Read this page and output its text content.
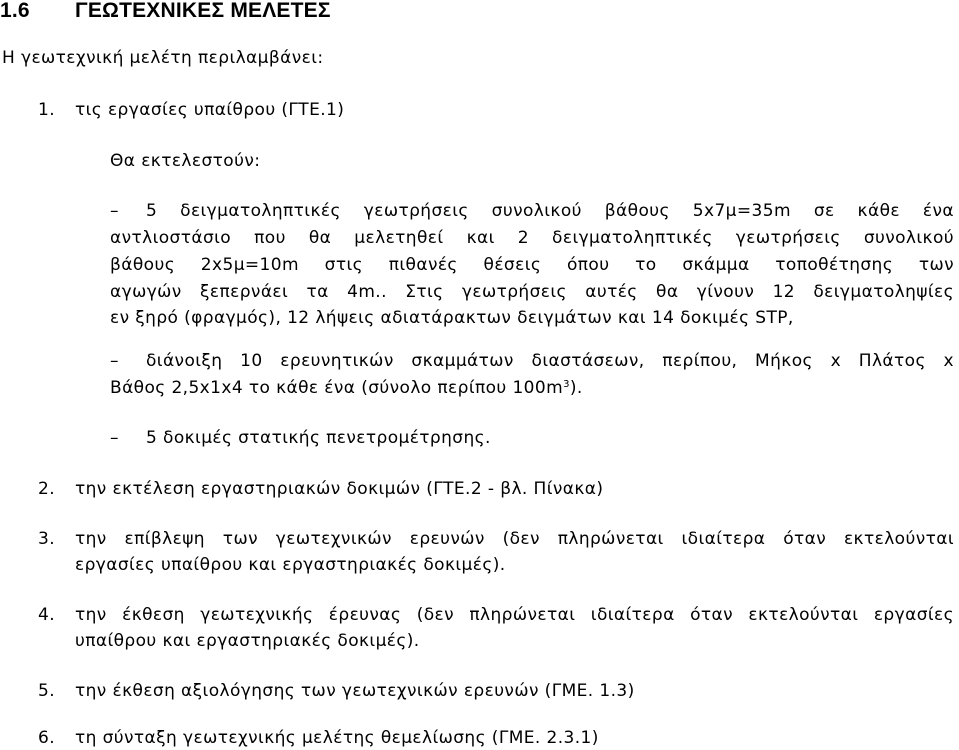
1.6 ΓΕΩΤΕΧΝΙΚΕΣ ΜΕΛΕΤΕΣ
Η γεωτεχνική μελέτη περιλαμβάνει:
1. τις εργασίες υπαίθρου (ΓΤΕ.1)
Θα εκτελεστούν:
– 5 δειγματοληπτικές γεωτρήσεις συνολικού βάθους 5x7μ=35m σε κάθε ένα
αντλιοστάσιο που θα μελετηθεί και 2 δειγματοληπτικές γεωτρήσεις συνολικού
βάθους 2x5μ=10m στις πιθανές θέσεις όπου το σκάμμα τοποθέτησης των
αγωγών ξεπερνάει τα 4m.. Στις γεωτρήσεις αυτές θα γίνουν 12 δειγματοληψίες
εν ξηρό (φραγμός), 12 λήψεις αδιατάρακτων δειγμάτων και 14 δοκιμές STP,
– διάνοιξη 10 ερευνητικών σκαμμάτων διαστάσεων, περίπου, Μήκος x Πλάτος x
Βάθος 2,5x1x4 το κάθε ένα (σύνολο περίπου $100m^3$).
– 5 δοκιμές στατικής πενετρομέτρησης.
2. την εκτέλεση εργαστηριακών δοκιμών (ΓΤΕ.2 - βλ. Πίνακα)
3. την επίβλεψη των γεωτεχνικών ερευνών (δεν πληρώνεται ιδιαίτερα όταν εκτελούνται
εργασίες υπαίθρου και εργαστηριακές δοκιμές).
4. την έκθεση γεωτεχνικής έρευνας (δεν πληρώνεται ιδιαίτερα όταν εκτελούνται εργασίες
υπαίθρου και εργαστηριακές δοκιμές).
5. την έκθεση αξιολόγησης των γεωτεχνικών ερευνών (ΓΜΕ. 1.3)
6. τη σύνταξη γεωτεχνικής μελέτης θεμελίωσης (ΓΜΕ. 2.3.1)
